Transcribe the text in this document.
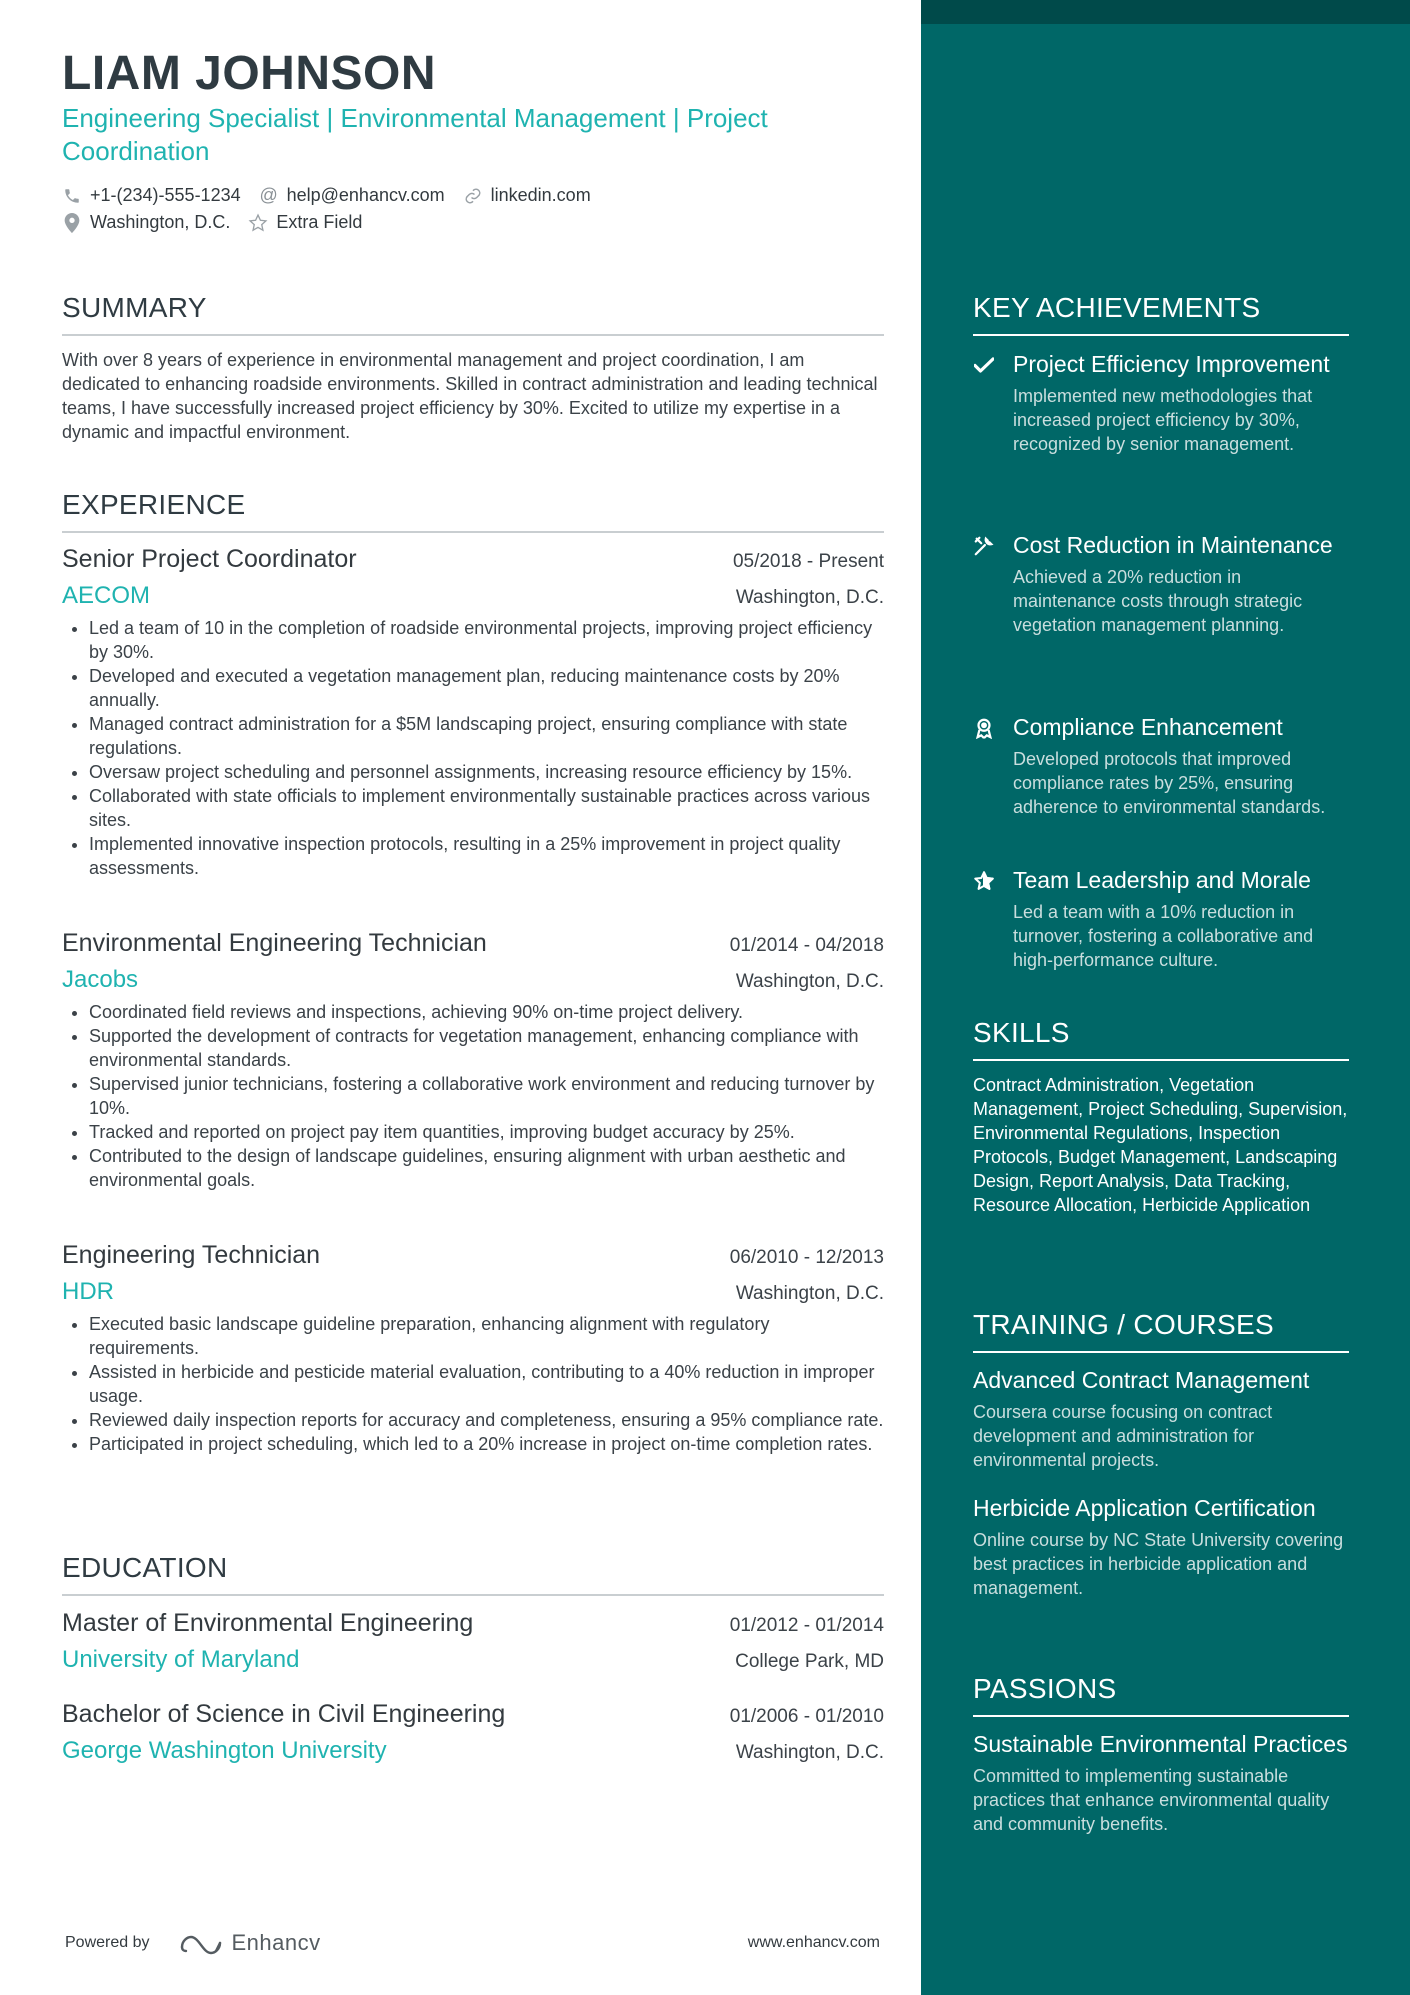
LIAM JOHNSON
Engineering Specialist | Environmental Management | Project Coordination
+1-(234)-555-1234 @ help@enhancv.com	linkedin.com
Washington, D.C.	Extra Field
SUMMARY
With over 8 years of experience in environmental management and project coordination, I am dedicated to enhancing roadside environments. Skilled in contract administration and leading technical teams, I have successfully increased project efficiency by 30%. Excited to utilize my expertise in a dynamic and impactful environment.
EXPERIENCE
Senior Project Coordinator	05/2018 - Present
AECOM	Washington, D.C.
• Led a team of 10 in the completion of roadside environmental projects, improving project efficiency by 30%.
• Developed and executed a vegetation management plan, reducing maintenance costs by 20% annually.
• Managed contract administration for a $5M landscaping project, ensuring compliance with state regulations.
• Oversaw project scheduling and personnel assignments, increasing resource efficiency by 15%.
• Collaborated with state officials to implement environmentally sustainable practices across various sites.
• Implemented innovative inspection protocols, resulting in a 25% improvement in project quality assessments.
Environmental Engineering Technician	01/2014 - 04/2018
Jacobs	Washington, D.C.
• Coordinated field reviews and inspections, achieving 90% on-time project delivery.
• Supported the development of contracts for vegetation management, enhancing compliance with environmental standards.
• Supervised junior technicians, fostering a collaborative work environment and reducing turnover by 10%.
• Tracked and reported on project pay item quantities, improving budget accuracy by 25%.
• Contributed to the design of landscape guidelines, ensuring alignment with urban aesthetic and environmental goals.
Engineering Technician	06/2010 - 12/2013
HDR	Washington, D.C.
• Executed basic landscape guideline preparation, enhancing alignment with regulatory requirements.
• Assisted in herbicide and pesticide material evaluation, contributing to a 40% reduction in improper usage.
• Reviewed daily inspection reports for accuracy and completeness, ensuring a 95% compliance rate.
• Participated in project scheduling, which led to a 20% increase in project on-time completion rates.
EDUCATION
Master of Environmental Engineering	01/2012 - 01/2014
University of Maryland	College Park, MD
Bachelor of Science in Civil Engineering	01/2006 - 01/2010
George Washington University	Washington, D.C.
Powered by	Enhancv	www.enhancv.com
KEY ACHIEVEMENTS
Project Efficiency Improvement
Implemented new methodologies that increased project efficiency by 30%, recognized by senior management.
Cost Reduction in Maintenance
Achieved a 20% reduction in maintenance costs through strategic vegetation management planning.
Compliance Enhancement
Developed protocols that improved compliance rates by 25%, ensuring adherence to environmental standards.
Team Leadership and Morale
Led a team with a 10% reduction in turnover, fostering a collaborative and high-performance culture.
SKILLS
Contract Administration, Vegetation Management, Project Scheduling, Supervision, Environmental Regulations, Inspection Protocols, Budget Management, Landscaping Design, Report Analysis, Data Tracking, Resource Allocation, Herbicide Application
TRAINING / COURSES
Advanced Contract Management
Coursera course focusing on contract development and administration for environmental projects.
Herbicide Application Certification
Online course by NC State University covering best practices in herbicide application and management.
PASSIONS
Sustainable Environmental Practices
Committed to implementing sustainable practices that enhance environmental quality and community benefits.
